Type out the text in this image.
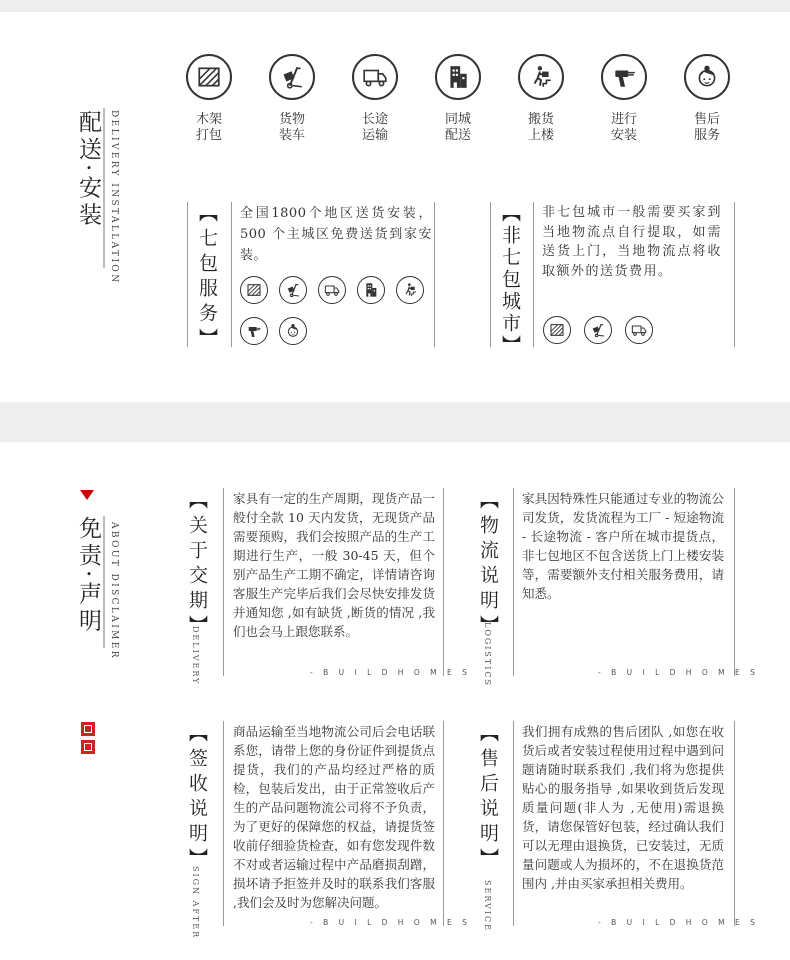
配送·安装 DELIVERY INSTALLATION	木架
打包
货物
装车
长途
运输
同城
配送
搬货
上楼
进行
安装
售后
服务
【七包服务】 全国1800个地区送货安装，500 个主城区免费送货到家安装。	【非七包城市】 非七包城市一般需要买家到当地物流点自行提取，如需送货上门，当地物流点将收取额外的送货费用。
免责·声明 ABOUT DISCLAIMER	【关于交期】
DELIVERY
家具有一定的生产周期，现货产品一般付全款 10 天内发货，无现货产品需要预购，我们会按照产品的生产工期进行生产，一般 30-45 天，但个别产品生产工期不确定，详情请咨询客服生产完毕后我们会尽快安排发货并通知您 ,如有缺货 ,断货的情况 ,我们也会马上跟您联系。
- B U I L D H O M E S
【物流说明】
LOGISTICS
家具因特殊性只能通过专业的物流公司发货，发货流程为工厂 - 短途物流 - 长途物流 - 客户所在城市提货点，非七包地区不包含送货上门上楼安装等，需要额外支付相关服务费用，请知悉。
- B U I L D H O M E S
【签收说明】
SIGN AFTER
商品运输至当地物流公司后会电话联系您，请带上您的身份证件到提货点提货，我们的产品均经过严格的质检，包装后发出，由于正常签收后产生的产品问题物流公司将不予负责，为了更好的保障您的权益，请提货签收前仔细验货检查，如有您发现件数不对或者运输过程中产品磨损刮蹭，损坏请予拒签并及时的联系我们客服 ,我们会及时为您解决问题。
- B U I L D H O M E S
【售后说明】
SERVICE
我们拥有成熟的售后团队 ,如您在收货后或者安装过程使用过程中遇到问题请随时联系我们 ,我们将为您提供贴心的服务指导 ,如果收到货后发现质量问题(非人为 ,无使用)需退换货，请您保管好包装，经过确认我们可以无理由退换货，已安装过，无质量问题或人为损坏的，不在退换货范围内 ,并由买家承担相关费用。
- B U I L D H O M E S
